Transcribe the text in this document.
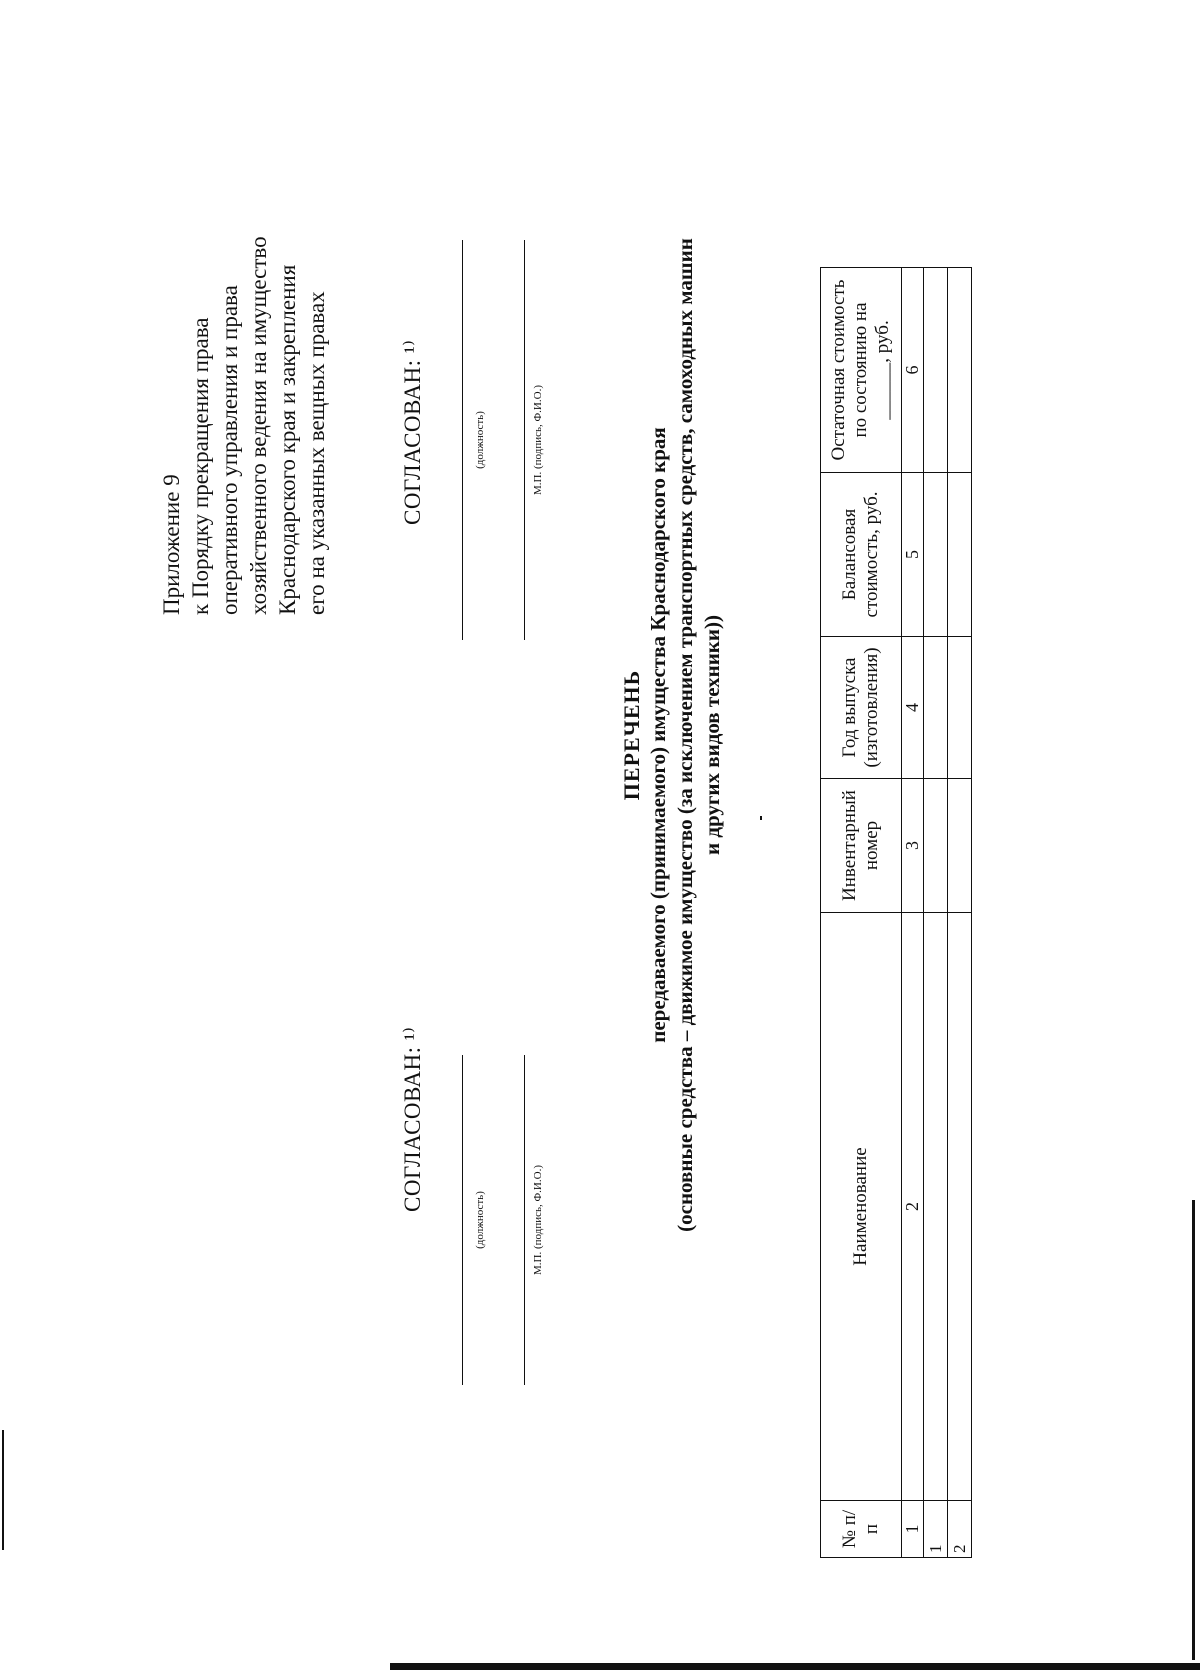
Приложение 9 к Порядку прекращения права оперативного управления и права хозяйственного ведения на имущество Краснодарского края и закрепления его на указанных вещных правах
СОГЛАСОВАН: ¹⁾
(должность)	М.П. (подпись, Ф.И.О.)
СОГЛАСОВАН: ¹⁾	(должность)	М.П. (подпись, Ф.И.О.)
ПЕРЕЧЕНЬ передаваемого (принимаемого) имущества Краснодарского края (основные средства – движимое имущество (за исключением транспортных средств, самоходных машин и других видов техники))
№ п/п	Наименование	Инвентарный номер	Год выпуска (изготовления)	Балансовая стоимость, руб.	Остаточная стоимость по состоянию на ______, руб.
1	2	3	4	5	6
1					
2					
